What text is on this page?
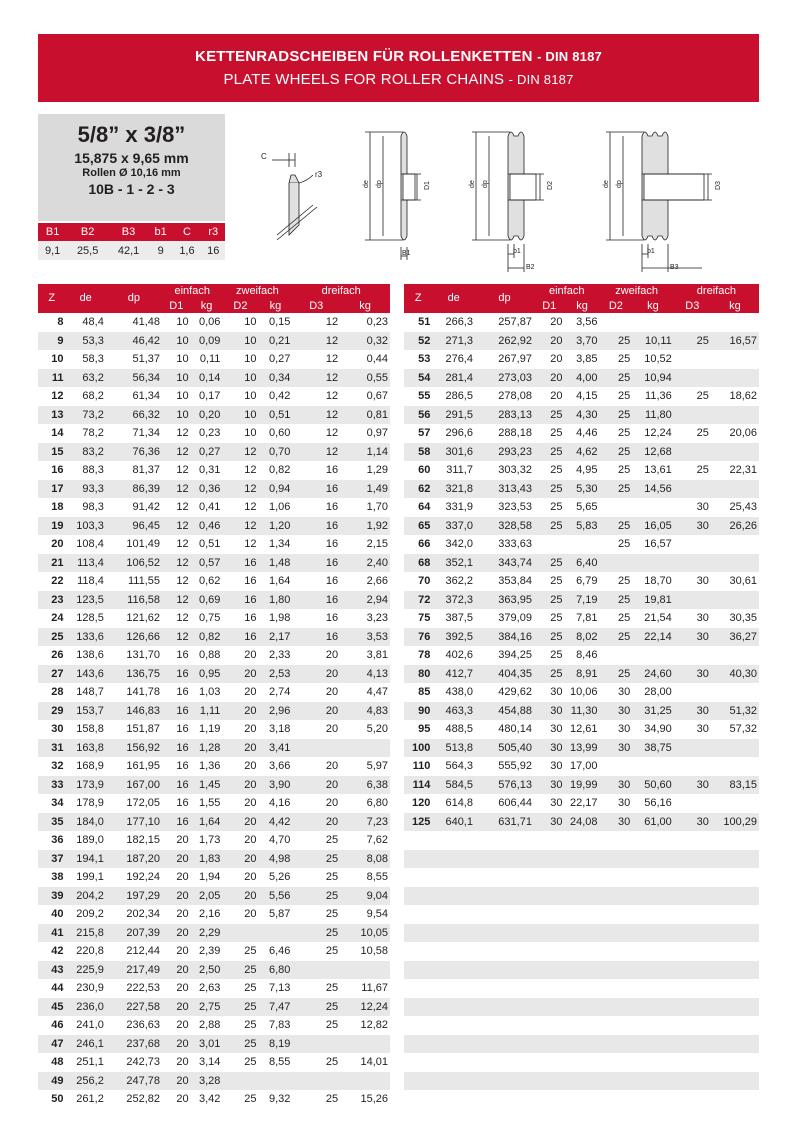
KETTENRADSCHEIBEN FÜR ROLLENKETTEN - DIN 8187
PLATE WHEELS FOR ROLLER CHAINS - DIN 8187
5/8” x 3/8”
15,875 x 9,65 mm
Rollen Ø 10,16 mm
10B - 1 - 2 - 3
B1	B2	B3	b1	C	r3
9,1	25,5	42,1	9	1,6	16
C
r3
de dp	D1
B1
de dp	D2
b1
B2
de dp	D3
b1
B3
Z	de	dp	einfach		zweifach		dreifach	
			D1	kg	D2	kg	D3	kg
8	48,4	41,48	10	0,06	10	0,15	12	0,23
9	53,3	46,42	10	0,09	10	0,21	12	0,32
10	58,3	51,37	10	0,11	10	0,27	12	0,44
11	63,2	56,34	10	0,14	10	0,34	12	0,55
12	68,2	61,34	10	0,17	10	0,42	12	0,67
13	73,2	66,32	10	0,20	10	0,51	12	0,81
14	78,2	71,34	12	0,23	10	0,60	12	0,97
15	83,2	76,36	12	0,27	12	0,70	12	1,14
16	88,3	81,37	12	0,31	12	0,82	16	1,29
17	93,3	86,39	12	0,36	12	0,94	16	1,49
18	98,3	91,42	12	0,41	12	1,06	16	1,70
19	103,3	96,45	12	0,46	12	1,20	16	1,92
20	108,4	101,49	12	0,51	12	1,34	16	2,15
21	113,4	106,52	12	0,57	16	1,48	16	2,40
22	118,4	111,55	12	0,62	16	1,64	16	2,66
23	123,5	116,58	12	0,69	16	1,80	16	2,94
24	128,5	121,62	12	0,75	16	1,98	16	3,23
25	133,6	126,66	12	0,82	16	2,17	16	3,53
26	138,6	131,70	16	0,88	20	2,33	20	3,81
27	143,6	136,75	16	0,95	20	2,53	20	4,13
28	148,7	141,78	16	1,03	20	2,74	20	4,47
29	153,7	146,83	16	1,11	20	2,96	20	4,83
30	158,8	151,87	16	1,19	20	3,18	20	5,20
31	163,8	156,92	16	1,28	20	3,41		
32	168,9	161,95	16	1,36	20	3,66	20	5,97
33	173,9	167,00	16	1,45	20	3,90	20	6,38
34	178,9	172,05	16	1,55	20	4,16	20	6,80
35	184,0	177,10	16	1,64	20	4,42	20	7,23
36	189,0	182,15	20	1,73	20	4,70	25	7,62
37	194,1	187,20	20	1,83	20	4,98	25	8,08
38	199,1	192,24	20	1,94	20	5,26	25	8,55
39	204,2	197,29	20	2,05	20	5,56	25	9,04
40	209,2	202,34	20	2,16	20	5,87	25	9,54
41	215,8	207,39	20	2,29			25	10,05
42	220,8	212,44	20	2,39	25	6,46	25	10,58
43	225,9	217,49	20	2,50	25	6,80		
44	230,9	222,53	20	2,63	25	7,13	25	11,67
45	236,0	227,58	20	2,75	25	7,47	25	12,24
46	241,0	236,63	20	2,88	25	7,83	25	12,82
47	246,1	237,68	20	3,01	25	8,19		
48	251,1	242,73	20	3,14	25	8,55	25	14,01
49	256,2	247,78	20	3,28				
50	261,2	252,82	20	3,42	25	9,32	25	15,26
Z	de	dp	einfach		zweifach		dreifach	
			D1	kg	D2	kg	D3	kg
51	266,3	257,87	20	3,56				
52	271,3	262,92	20	3,70	25	10,11	25	16,57
53	276,4	267,97	20	3,85	25	10,52		
54	281,4	273,03	20	4,00	25	10,94		
55	286,5	278,08	20	4,15	25	11,36	25	18,62
56	291,5	283,13	25	4,30	25	11,80		
57	296,6	288,18	25	4,46	25	12,24	25	20,06
58	301,6	293,23	25	4,62	25	12,68		
60	311,7	303,32	25	4,95	25	13,61	25	22,31
62	321,8	313,43	25	5,30	25	14,56		
64	331,9	323,53	25	5,65			30	25,43
65	337,0	328,58	25	5,83	25	16,05	30	26,26
66	342,0	333,63			25	16,57		
68	352,1	343,74	25	6,40				
70	362,2	353,84	25	6,79	25	18,70	30	30,61
72	372,3	363,95	25	7,19	25	19,81		
75	387,5	379,09	25	7,81	25	21,54	30	30,35
76	392,5	384,16	25	8,02	25	22,14	30	36,27
78	402,6	394,25	25	8,46				
80	412,7	404,35	25	8,91	25	24,60	30	40,30
85	438,0	429,62	30	10,06	30	28,00		
90	463,3	454,88	30	11,30	30	31,25	30	51,32
95	488,5	480,14	30	12,61	30	34,90	30	57,32
100	513,8	505,40	30	13,99	30	38,75		
110	564,3	555,92	30	17,00				
114	584,5	576,13	30	19,99	30	50,60	30	83,15
120	614,8	606,44	30	22,17	30	56,16		
125	640,1	631,71	30	24,08	30	61,00	30	100,29
